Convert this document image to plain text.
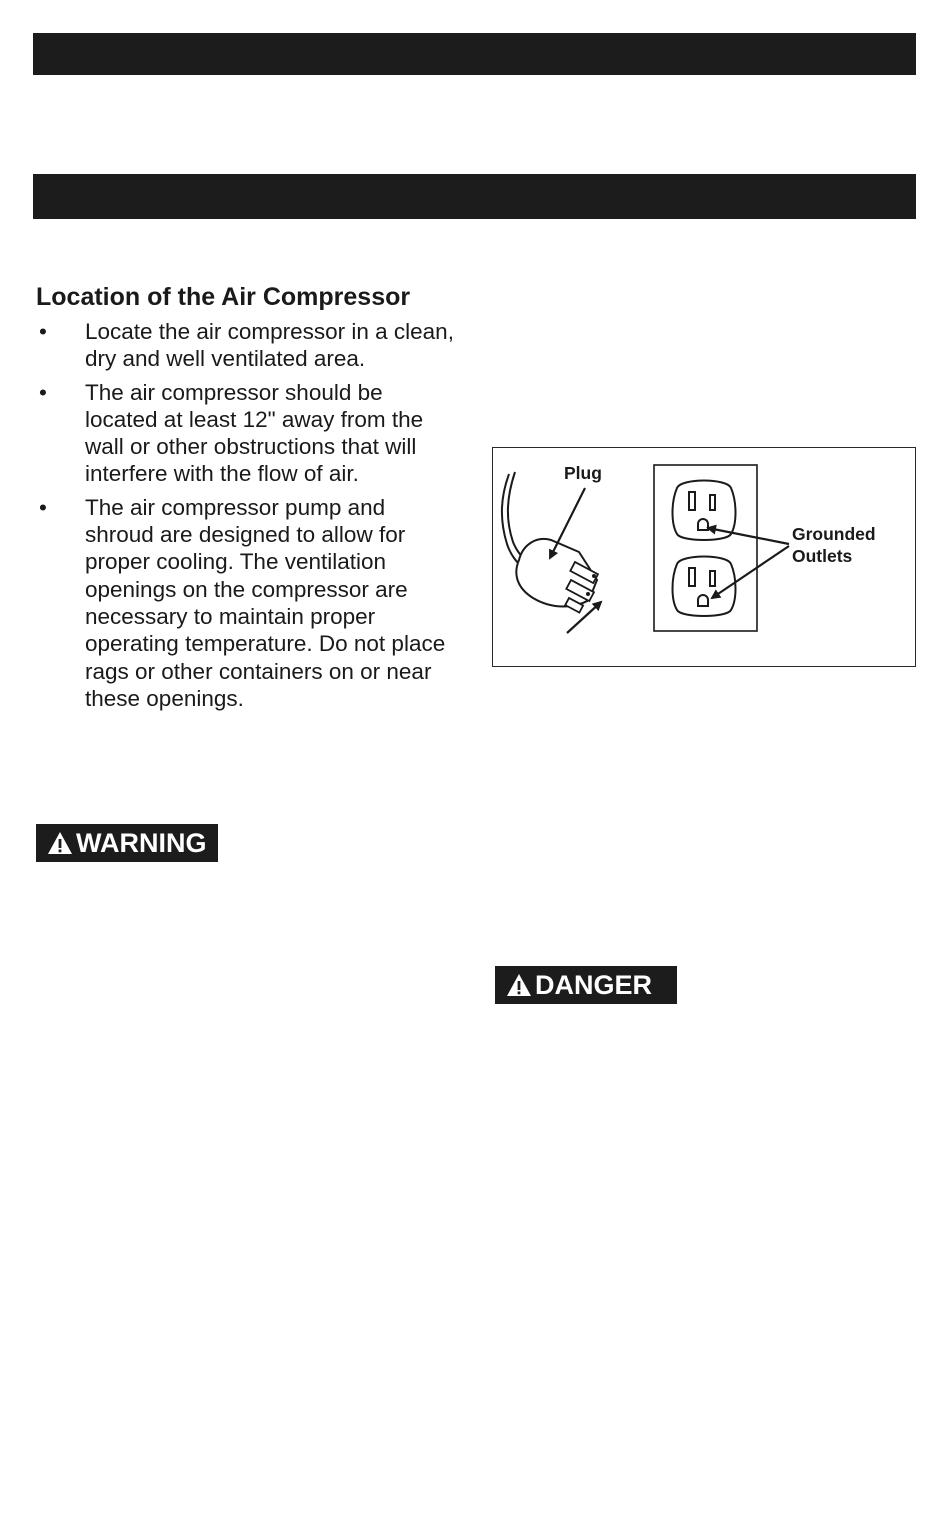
Location of the Air Compressor
• Locate the air compressor in a clean, dry and well ventilated area.
• The air compressor should be located at least 12" away from the wall or other obstructions that will interfere with the flow of air.
• The air compressor pump and shroud are designed to allow for proper cooling. The ventilation openings on the compressor are necessary to maintain proper operating temperature. Do not place rags or other containers on or near these openings.
WARNING
Plug
Grounded
Outlets
DANGER
